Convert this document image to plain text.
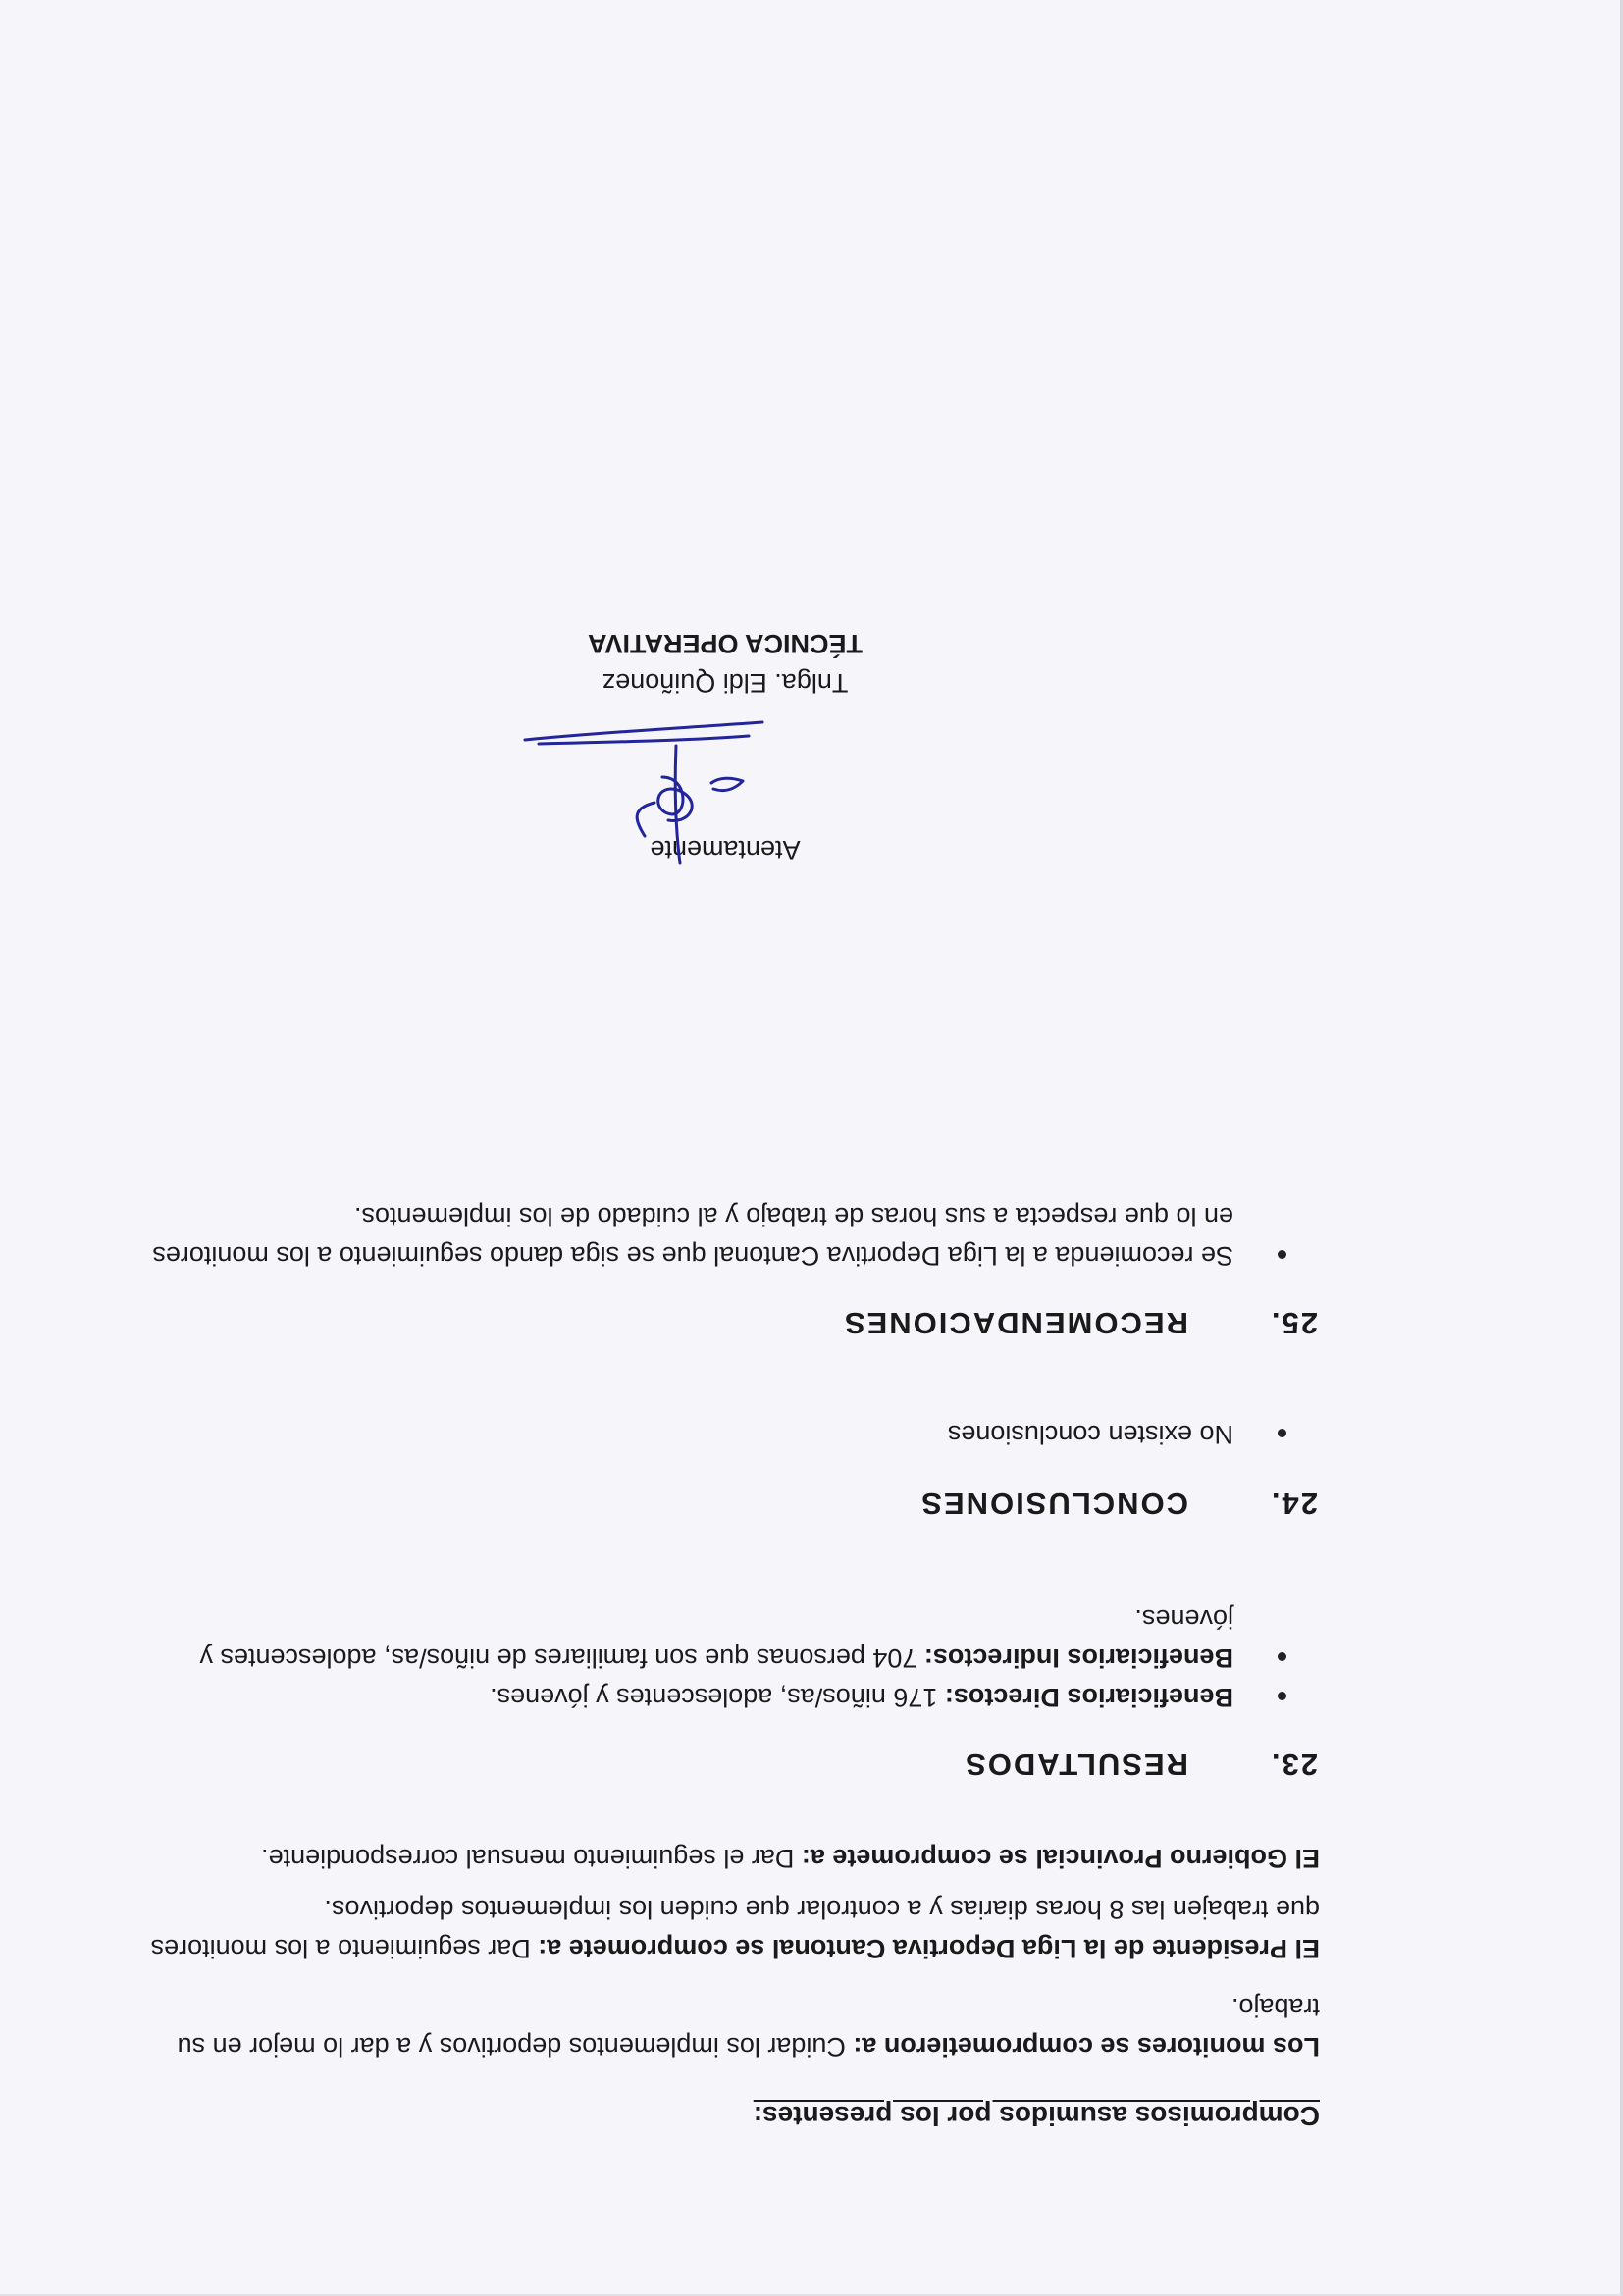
Compromisos asumidos por los presentes:

Los monitores se comprometieron a: Cuidar los implementos deportivos y a dar lo mejor en su trabajo.

El Presidente de la Liga Deportiva Cantonal se compromete a: Dar seguimiento a los monitores que trabajen las 8 horas diarias y a controlar que cuiden los implementos deportivos.

El Gobierno Provincial se compromete a: Dar el seguimiento mensual correspondiente.

23.
RESULTADOS
Beneficiarios Directos: 176 niños/as, adolescentes y jóvenes.
Beneficiarios Indirectos: 704 personas que son familiares de niños/as, adolescentes y jóvenes.
24.
CONCLUSIONES
No existen conclusiones
25.
RECOMENDACIONES
Se recomienda a la Liga Deportiva Cantonal que se siga dando seguimiento a los monitores en lo que respecta a sus horas de trabajo y al cuidado de los implementos.

Atentamente

Tnlga. Eldi Quiñonez

TÉCNICA OPERATIVA
